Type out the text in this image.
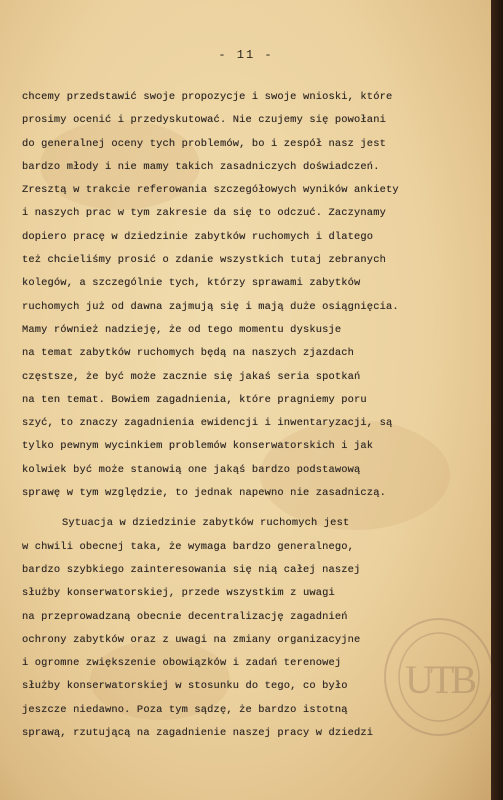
- 11 -
chcemy przedstawić swoje propozycje i swoje wnioski, które
prosimy ocenić i przedyskutować. Nie czujemy się powołani
do generalnej oceny tych problemów, bo i zespół nasz jest
bardzo młody i nie mamy takich zasadniczych doświadczeń.
Zresztą w trakcie referowania szczegółowych wyników ankiety
i naszych prac w tym zakresie da się to odczuć. Zaczynamy
dopiero pracę w dziedzinie zabytków ruchomych i dlatego
też chcieliśmy prosić o zdanie wszystkich tutaj zebranych
kolegów, a szczególnie tych, którzy sprawami zabytków
ruchomych już od dawna zajmują się i mają duże osiągnięcia.
Mamy również nadzieję, że od tego momentu dyskusje
na temat zabytków ruchomych będą na naszych zjazdach
częstsze, że być może zacznie się jakaś seria spotkań
na ten temat. Bowiem zagadnienia, które pragniemy poru
szyć, to znaczy zagadnienia ewidencji i inwentaryzacji, są
tylko pewnym wycinkiem problemów konserwatorskich i jak
kolwiek być może stanowią one jakąś bardzo podstawową
sprawę w tym względzie, to jednak napewno nie zasadniczą.
Sytuacja w dziedzinie zabytków ruchomych jest
w chwili obecnej taka, że wymaga bardzo generalnego,
bardzo szybkiego zainteresowania się nią całej naszej
służby konserwatorskiej, przede wszystkim z uwagi
na przeprowadzaną obecnie decentralizację zagadnień
ochrony zabytków oraz z uwagi na zmiany organizacyjne
i ogromne zwiększenie obowiązków i zadań terenowej
służby konserwatorskiej w stosunku do tego, co było
jeszcze niedawno. Poza tym sądzę, że bardzo istotną
sprawą, rzutującą na zagadnienie naszej pracy w dziedzi
UTB
